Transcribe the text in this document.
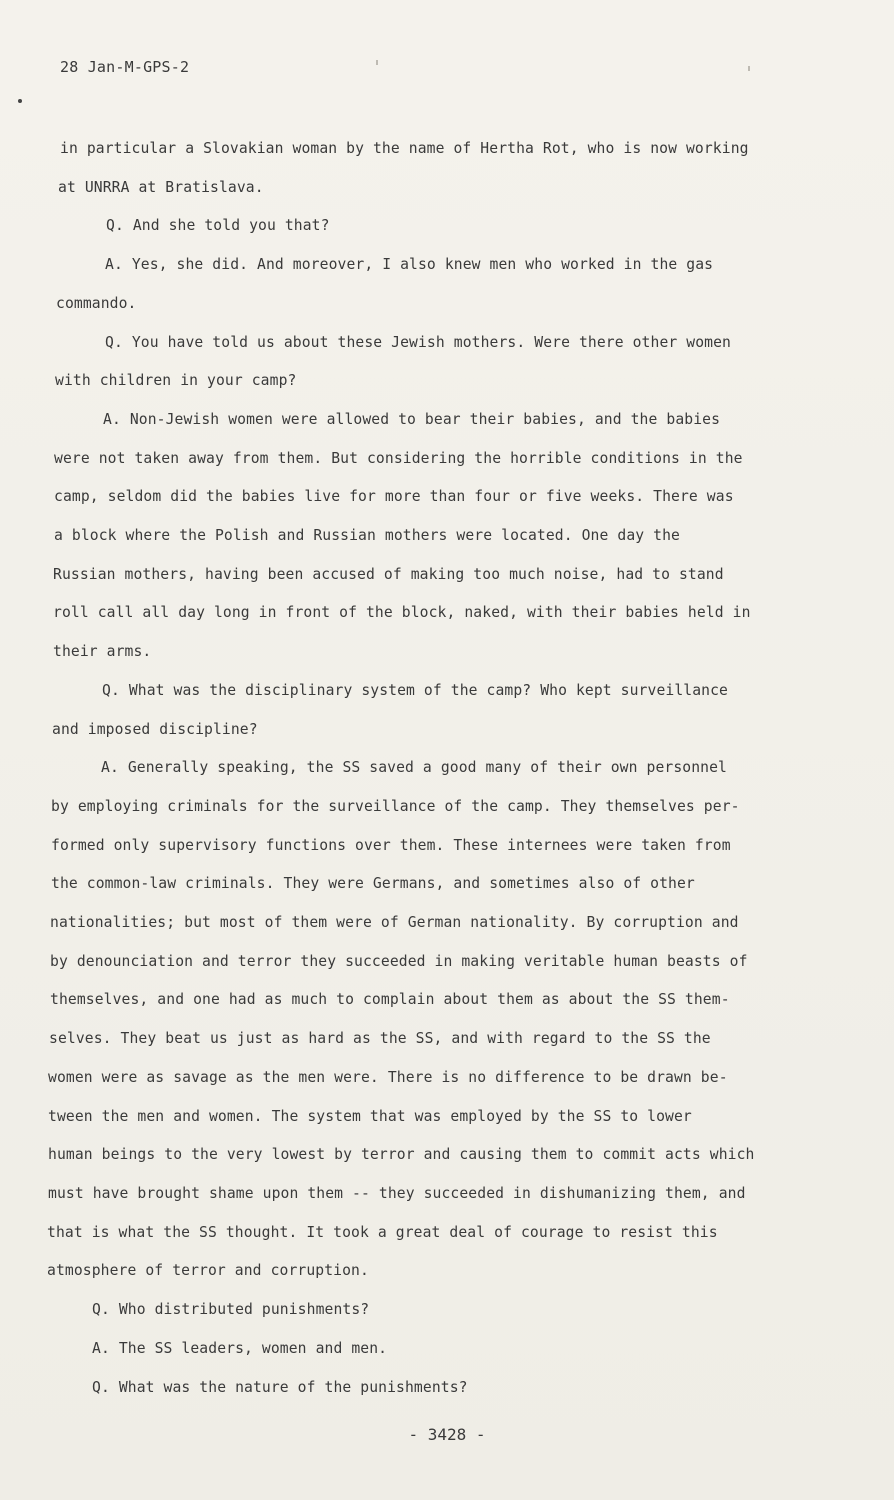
28 Jan-M-GPS-2
in particular a Slovakian woman by the name of Hertha Rot, who is now working
at UNRRA at Bratislava.
Q. And she told you that?
A. Yes, she did. And moreover, I also knew men who worked in the gas
commando.
Q. You have told us about these Jewish mothers. Were there other women
with children in your camp?
A. Non-Jewish women were allowed to bear their babies, and the babies
were not taken away from them. But considering the horrible conditions in the
camp, seldom did the babies live for more than four or five weeks. There was
a block where the Polish and Russian mothers were located. One day the
Russian mothers, having been accused of making too much noise, had to stand
roll call all day long in front of the block, naked, with their babies held in
their arms.
Q. What was the disciplinary system of the camp? Who kept surveillance
and imposed discipline?
A. Generally speaking, the SS saved a good many of their own personnel
by employing criminals for the surveillance of the camp. They themselves per-
formed only supervisory functions over them. These internees were taken from
the common-law criminals. They were Germans, and sometimes also of other
nationalities; but most of them were of German nationality. By corruption and
by denounciation and terror they succeeded in making veritable human beasts of
themselves, and one had as much to complain about them as about the SS them-
selves. They beat us just as hard as the SS, and with regard to the SS the
women were as savage as the men were. There is no difference to be drawn be-
tween the men and women. The system that was employed by the SS to lower
human beings to the very lowest by terror and causing them to commit acts which
must have brought shame upon them -- they succeeded in dishumanizing them, and
that is what the SS thought. It took a great deal of courage to resist this
atmosphere of terror and corruption.
Q. Who distributed punishments?
A. The SS leaders, women and men.
Q. What was the nature of the punishments?
- 3428 -
